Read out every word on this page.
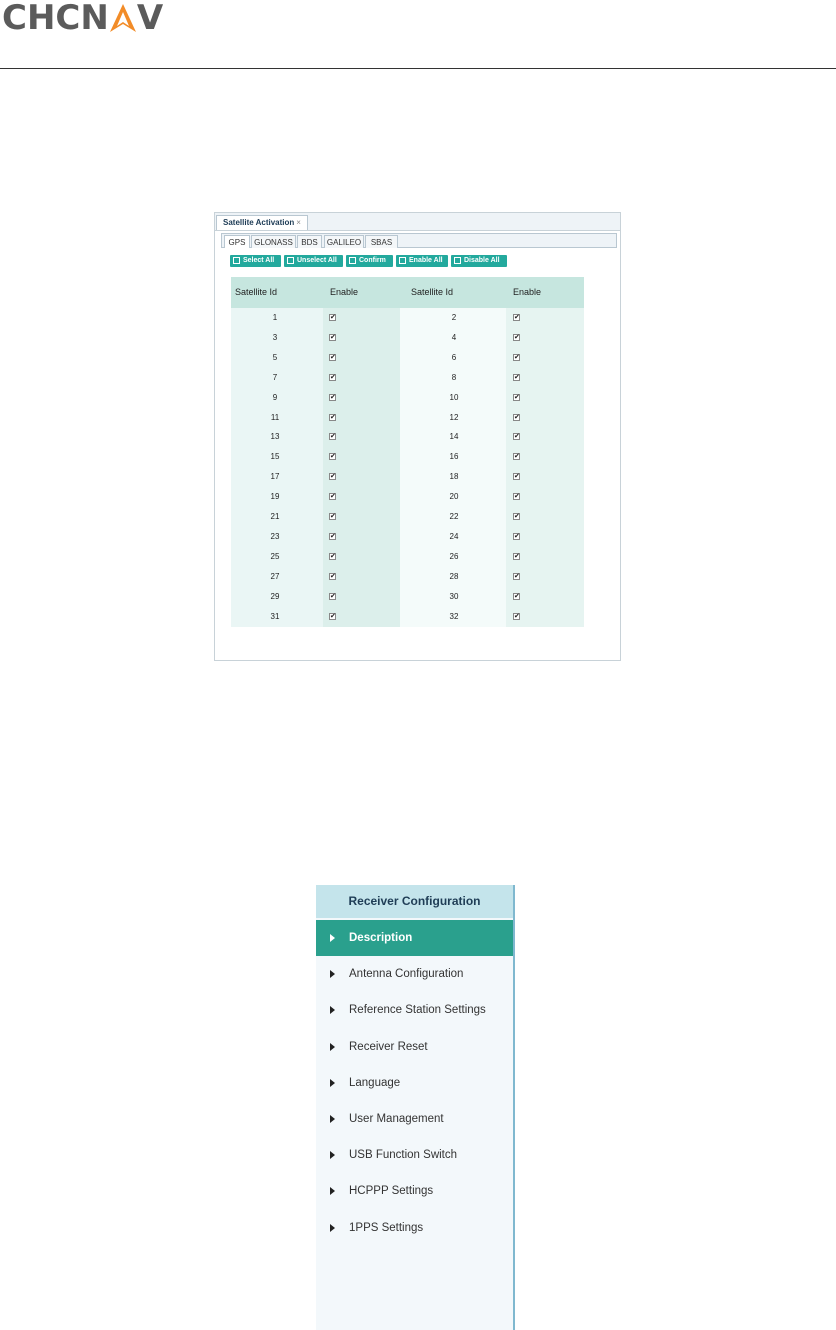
CHCN V
Satellite Activation ×
GPS	GLONASS	BDS	GALILEO	SBAS
Select All	Unselect All	Confirm	Enable All	Disable All
Satellite Id	Enable	Satellite Id	Enable
1	✔	2	✔
3	✔	4	✔
5	✔	6	✔
7	✔	8	✔
9	✔	10	✔
11	✔	12	✔
13	✔	14	✔
15	✔	16	✔
17	✔	18	✔
19	✔	20	✔
21	✔	22	✔
23	✔	24	✔
25	✔	26	✔
27	✔	28	✔
29	✔	30	✔
31	✔	32	✔
Receiver Configuration
Description
Antenna Configuration
Reference Station Settings
Receiver Reset
Language
User Management
USB Function Switch
HCPPP Settings
1PPS Settings
